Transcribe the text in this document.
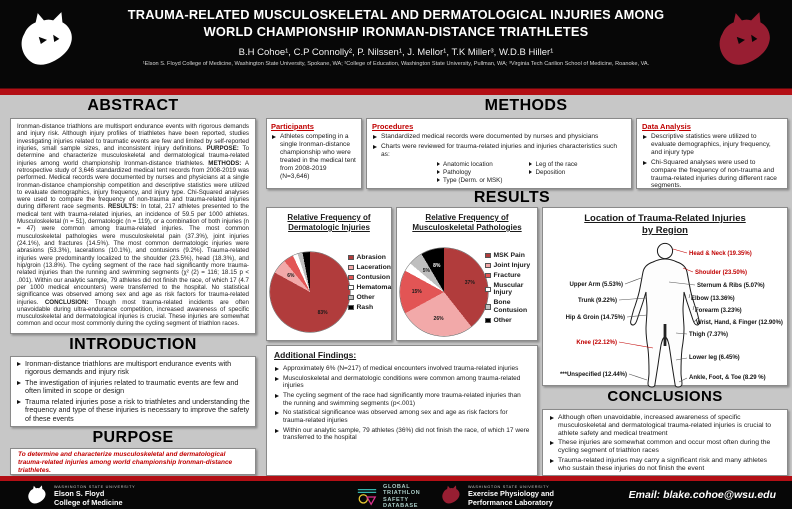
TRAUMA-RELATED MUSCULOSKELETAL AND DERMATOLOGICAL INJURIES AMONG
WORLD CHAMPIONSHIP IRONMAN-DISTANCE TRIATHLETES
B.H Cohoe¹, C.P Connolly², P. Nilssen¹, J. Mellor¹, T.K Miller³, W.D.B Hiller¹
¹Elson S. Floyd College of Medicine, Washington State University, Spokane, WA; ²College of Education, Washington State University, Pullman, WA; ³Virginia Tech Carilion School of Medicine, Roanoke, VA.
ABSTRACT	METHODS
RESULTS
INTRODUCTION
PURPOSE
CONCLUSIONS
Ironman-distance triathlons are multisport endurance events with rigorous demands and injury risk. Although injury profiles of triathletes have been reported, studies investigating injuries related to traumatic events are few and limited by self-reported injuries, small sample sizes, and inconsistent injury definitions. PURPOSE: To determine and characterize musculoskeletal and dermatological trauma-related injuries among world championship Ironman-distance triathletes. METHODS: A retrospective study of 3,646 standardized medical tent records from 2008-2019 was performed. Medical records were documented by nurses and physicians at a single Ironman-distance championship competition and descriptive statistics were utilized to evaluate demographics, injury frequency, and injury type. Chi-Squared analyses were used to compare the frequency of non-trauma and trauma-related injuries during different race segments. RESULTS: In total, 217 athletes presented to the medical tent with trauma-related injuries, an incidence of 59.5 per 1000 athletes. Musculoskeletal (n = 51), dermatologic (n = 119), or a combination of both injuries (n = 47) were common among trauma-related injuries. The most common musculoskeletal pathologies were musculoskeletal pain (37.3%), joint injuries (24.1%), and fractures (14.5%). The most common dermatologic injuries were abrasions (53.3%), lacerations (10.1%), and contusions (9.2%). Trauma-related injuries were predominantly localized to the shoulder (23.5%), head (18.3%), and hip/groin (13.8%). The cycling segment of the race had significantly more trauma-related injuries than the running and swimming segments (χ² (2) = 116; 18.15 p < .001). Within our analytic sample, 79 athletes did not finish the race, of which 17 (4.7 per 1000 medical encounters) were transferred to the hospital. No statistical significance was observed among sex and age as risk factors for trauma-related injuries. CONCLUSION: Though most trauma-related incidents are often unavoidable during ultra-endurance competition, increased awareness of specific musculoskeletal and dermatological injuries is crucial. These injuries are somewhat common and occur most commonly during the cycling segment of triathlon races.
Ironman-distance triathlons are multisport endurance events with rigorous demands and injury risk
The investigation of injuries related to traumatic events are few and often limited in scope or design
Trauma related injuries pose a risk to triathletes and understanding the frequency and type of these injuries is necessary to improve the safety of these events
To determine and characterize musculoskeletal and dermatological trauma-related injuries among world championship Ironman-distance triathletes.
Participants
Athletes competing in a single Ironman-distance championship who were treated in the medical tent from 2008-2019 (N=3,646)
Procedures
Standardized medical records were documented by nurses and physicians
Charts were reviewed for trauma-related injuries and injuries characteristics such as:
Anatomic location
Pathology
Type (Derm. or MSK)
Leg of the race
Deposition
Data Analysis
Descriptive statistics were utilized to evaluate demographics, injury frequency, and injury type
Chi-Squared analyses were used to compare the frequency of non-trauma and trauma-related injuries during different race segments.
Relative Frequency of Dermatologic Injuries
83%
6%
Abrasion
Laceration
Contusion
Hematoma
Other
Rash
Relative Frequency of Musculoskeletal Pathologies
37%
26%
15%
5%
8%
MSK Pain
Joint Injury
Fracture
Muscular Injury
Bone Contusion
Other
Location of Trauma-Related Injuries
by Region
Head & Neck (19.35%)
Shoulder (23.50%)
Sternum & Ribs (5.07%)
Elbow (13.36%)
Forearm (3.23%)
Wrist, Hand, & Finger (12.90%)
Thigh (7.37%)
Lower leg (6.45%)
Ankle, Foot, & Toe (8.29 %)
Upper Arm (5.53%)
Trunk (9.22%)
Hip & Groin (14.75%)
Knee (22.12%)
***Unspecified (12.44%)
Additional Findings:
Approximately 6% (N=217) of medical encounters involved trauma-related injuries
Musculoskeletal and dermatologic conditions were common among trauma-related injuries
The cycling segment of the race had significantly more trauma-related injuries than the running and swimming segments (p<.001)
No statistical significance was observed among sex and age as risk factors for trauma-related injuries
Within our analytic sample, 79 athletes (36%) did not finish the race, of which 17 were transferred to the hospital
Although often unavoidable, increased awareness of specific musculoskeletal and dermatological trauma-related injuries is crucial to athlete safety and medical treatment
These injuries are somewhat common and occur most often during the cycling segment of triathlon races
Trauma-related injuries may carry a significant risk and many athletes who sustain these injuries do not finish the event
WASHINGTON STATE UNIVERSITY
Elson S. Floyd
College of Medicine
GLOBAL
TRIATHLON
SAFETY
DATABASE
WASHINGTON STATE UNIVERSITY
Exercise Physiology and
Performance Laboratory
Email: blake.cohoe@wsu.edu
